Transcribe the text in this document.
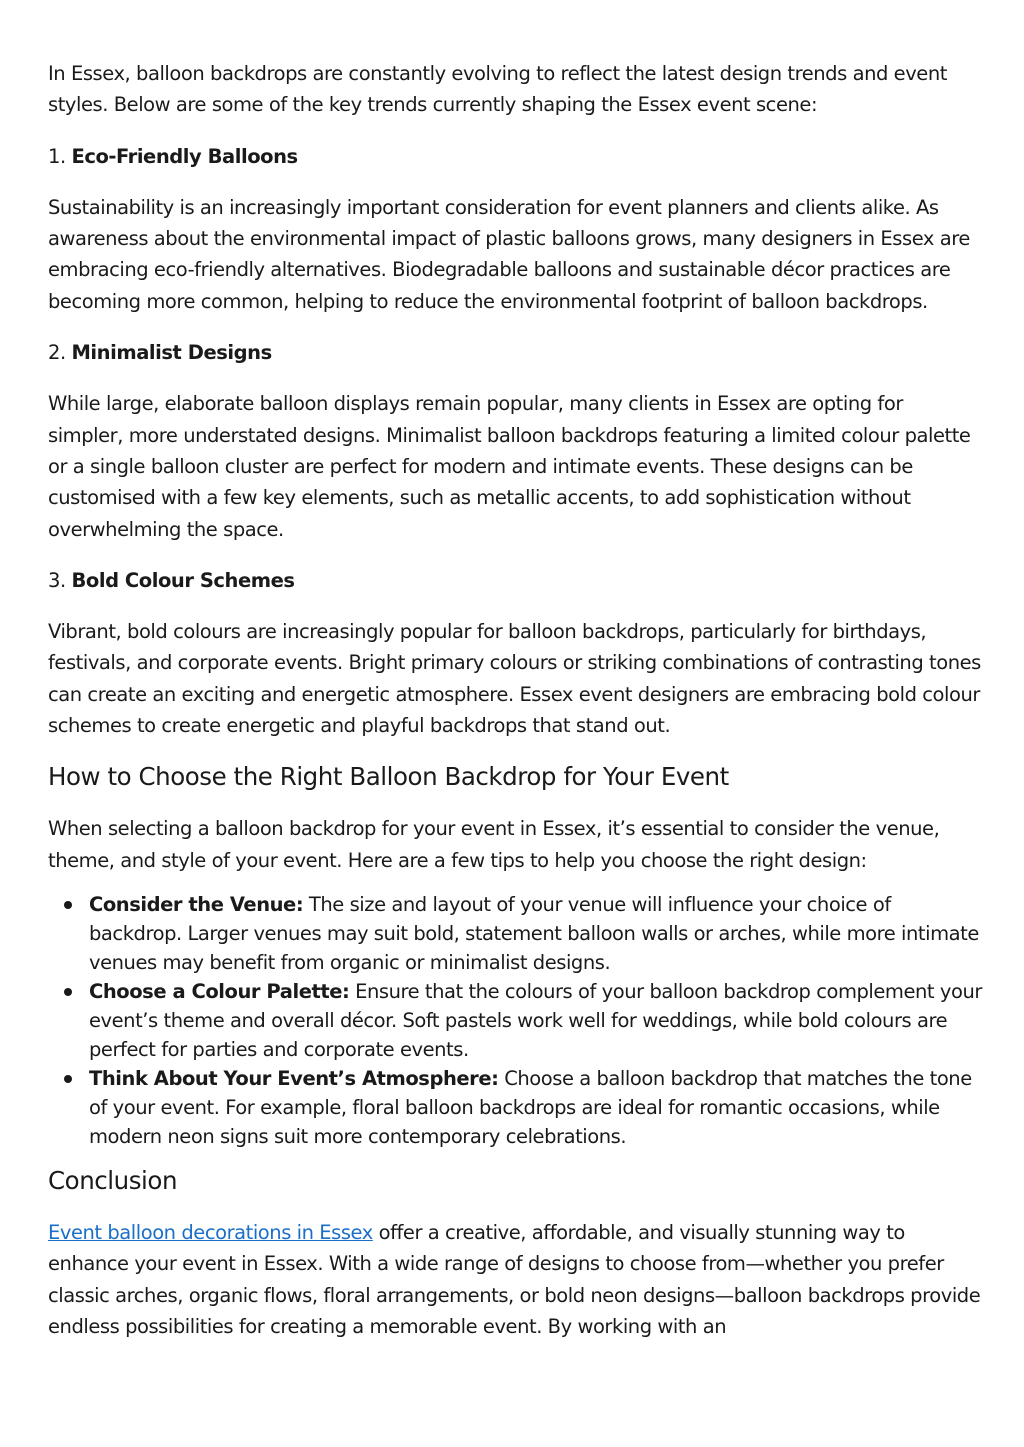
In Essex, balloon backdrops are constantly evolving to reflect the latest design trends and event styles. Below are some of the key trends currently shaping the Essex event scene:

1. Eco-Friendly Balloons

Sustainability is an increasingly important consideration for event planners and clients alike. As awareness about the environmental impact of plastic balloons grows, many designers in Essex are embracing eco-friendly alternatives. Biodegradable balloons and sustainable décor practices are becoming more common, helping to reduce the environmental footprint of balloon backdrops.

2. Minimalist Designs

While large, elaborate balloon displays remain popular, many clients in Essex are opting for simpler, more understated designs. Minimalist balloon backdrops featuring a limited colour palette or a single balloon cluster are perfect for modern and intimate events. These designs can be customised with a few key elements, such as metallic accents, to add sophistication without overwhelming the space.

3. Bold Colour Schemes

Vibrant, bold colours are increasingly popular for balloon backdrops, particularly for birthdays, festivals, and corporate events. Bright primary colours or striking combinations of contrasting tones can create an exciting and energetic atmosphere. Essex event designers are embracing bold colour schemes to create energetic and playful backdrops that stand out.

How to Choose the Right Balloon Backdrop for Your Event

When selecting a balloon backdrop for your event in Essex, it’s essential to consider the venue, theme, and style of your event. Here are a few tips to help you choose the right design:

Consider the Venue: The size and layout of your venue will influence your choice of backdrop. Larger venues may suit bold, statement balloon walls or arches, while more intimate venues may benefit from organic or minimalist designs.
Choose a Colour Palette: Ensure that the colours of your balloon backdrop complement your event’s theme and overall décor. Soft pastels work well for weddings, while bold colours are perfect for parties and corporate events.
Think About Your Event’s Atmosphere: Choose a balloon backdrop that matches the tone of your event. For example, floral balloon backdrops are ideal for romantic occasions, while modern neon signs suit more contemporary celebrations.
Conclusion

Event balloon decorations in Essex offer a creative, affordable, and visually stunning way to enhance your event in Essex. With a wide range of designs to choose from—whether you prefer classic arches, organic flows, floral arrangements, or bold neon designs—balloon backdrops provide endless possibilities for creating a memorable event. By working with an
